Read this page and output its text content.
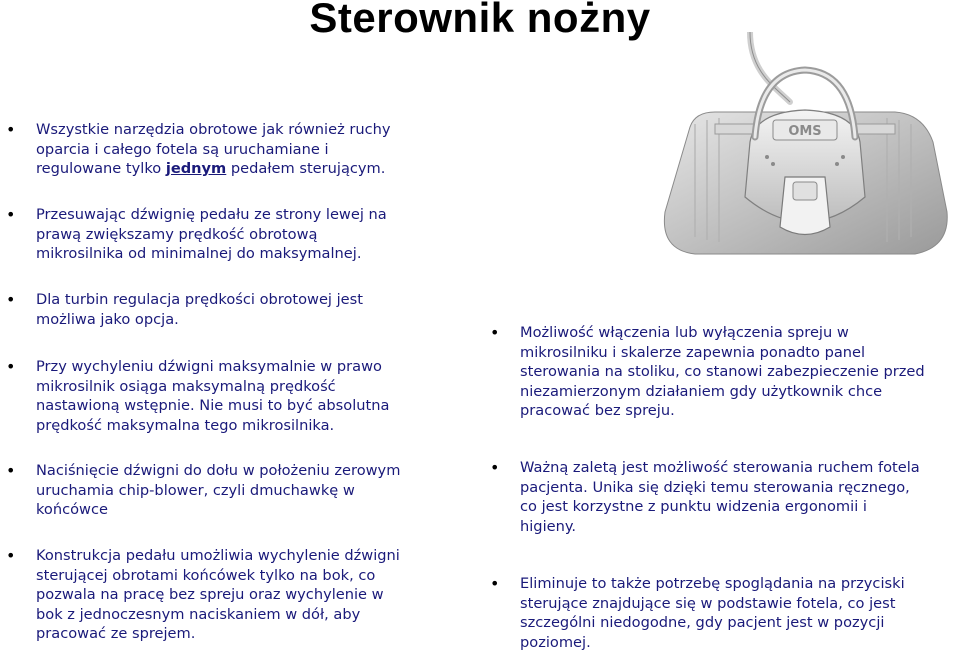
Sterownik nożny
• Wszystkie narzędzia obrotowe jak również ruchy oparcia i całego fotela są uruchamiane i regulowane tylko jednym pedałem sterującym.

• Przesuwając dźwignię pedału ze strony lewej na prawą zwiększamy prędkość obrotową mikrosilnika od minimalnej do maksymalnej.

• Dla turbin regulacja prędkości obrotowej jest możliwa jako opcja.

• Przy wychyleniu dźwigni maksymalnie w prawo mikrosilnik osiąga maksymalną prędkość nastawioną wstępnie. Nie musi to być absolutna prędkość maksymalna tego mikrosilnika.

• Naciśnięcie dźwigni do dołu w położeniu zerowym uruchamia chip-blower, czyli dmuchawkę w końcówce

• Konstrukcja pedału umożliwia wychylenie dźwigni sterującej obrotami końcówek tylko na bok, co pozwala na pracę bez spreju oraz wychylenie w bok z jednoczesnym naciskaniem w dół, aby pracować ze sprejem.

• Możliwość włączenia lub wyłączenia spreju w mikrosilniku i skalerze zapewnia ponadto panel sterowania na stoliku, co stanowi zabezpieczenie przed niezamierzonym działaniem gdy użytkownik chce pracować bez spreju.

• Ważną zaletą jest możliwość sterowania ruchem fotela pacjenta. Unika się dzięki temu sterowania ręcznego, co jest korzystne z punktu widzenia ergonomii i higieny.

• Eliminuje to także potrzebę spoglądania na przyciski sterujące znajdujące się w podstawie fotela, co jest szczególni niedogodne, gdy pacjent jest w pozycji poziomej.

OMS
